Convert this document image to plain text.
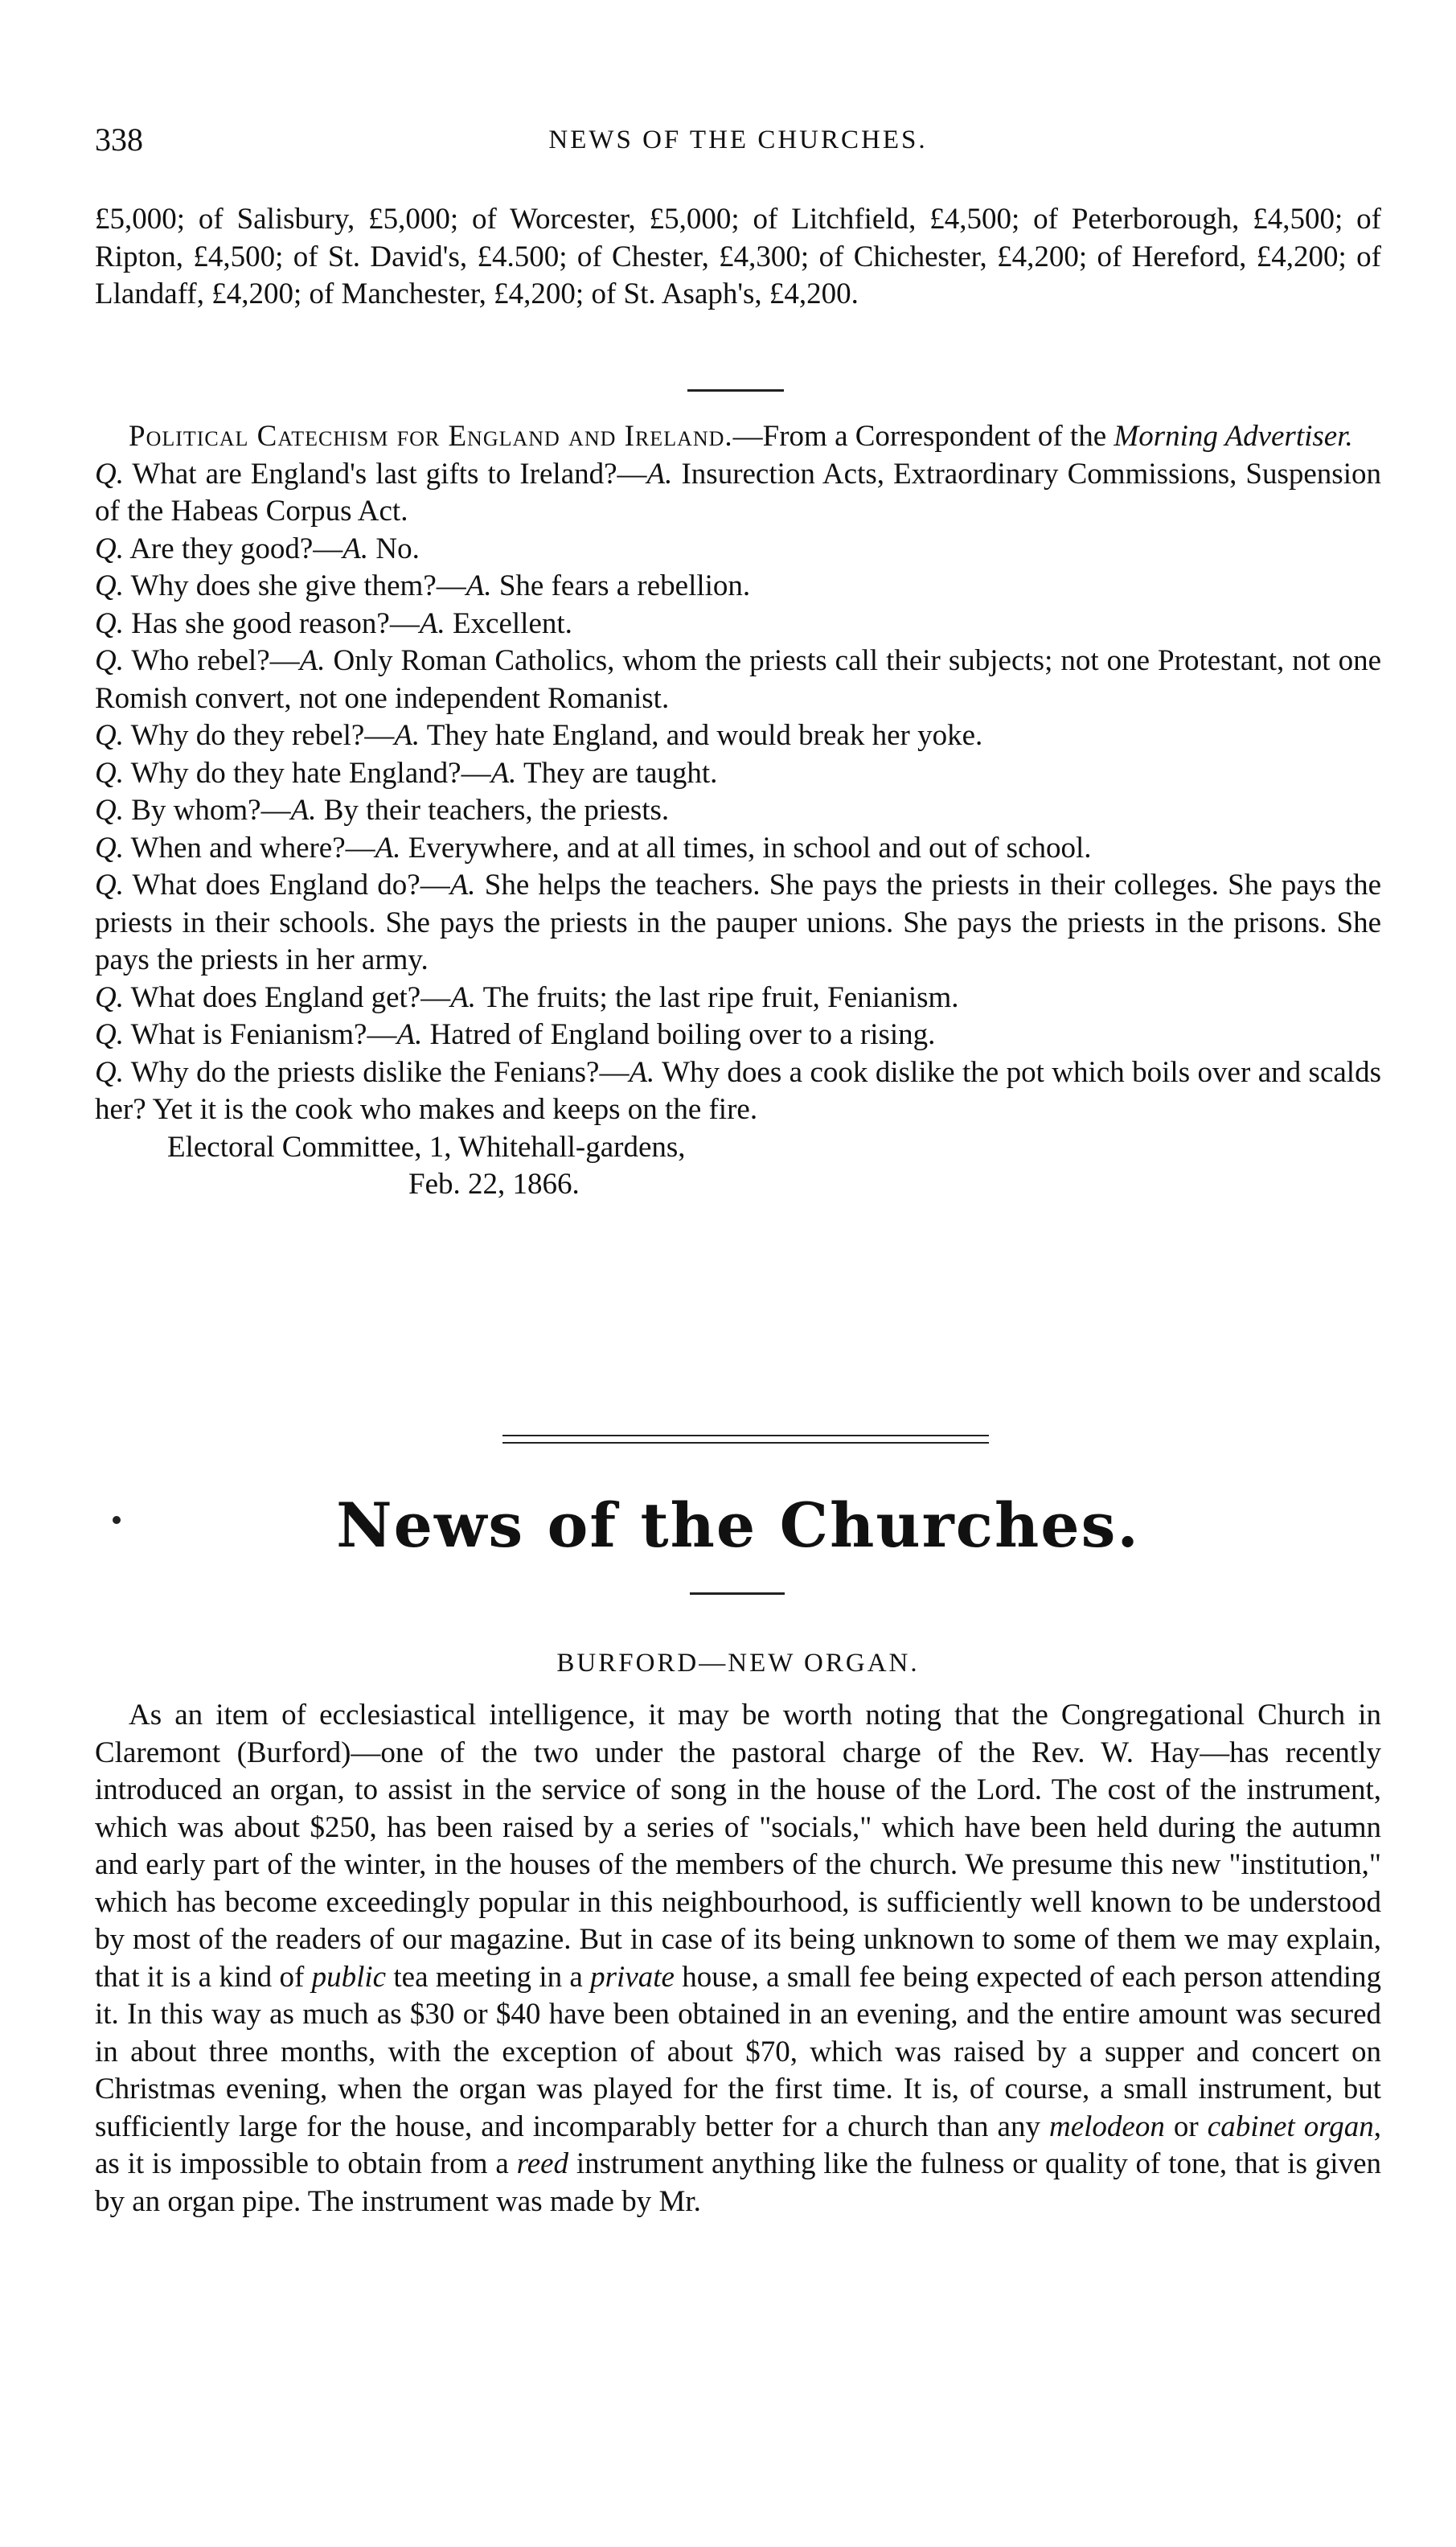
338	NEWS OF THE CHURCHES.

£5,000; of Salisbury, £5,000; of Worcester, £5,000; of Litchfield, £4,500; of Peterborough, £4,500; of Ripton, £4,500; of St. David's, £4.500; of Chester, £4,300; of Chichester, £4,200; of Hereford, £4,200; of Llandaff, £4,200; of Manchester, £4,200; of St. Asaph's, £4,200.

Political Catechism for England and Ireland.—From a Correspondent of the Morning Advertiser.

Q. What are England's last gifts to Ireland?—A. Insurection Acts, Extraordinary Commissions, Suspension of the Habeas Corpus Act.

Q. Are they good?—A. No.

Q. Why does she give them?—A. She fears a rebellion.

Q. Has she good reason?—A. Excellent.

Q. Who rebel?—A. Only Roman Catholics, whom the priests call their subjects; not one Protestant, not one Romish convert, not one independent Romanist.

Q. Why do they rebel?—A. They hate England, and would break her yoke.

Q. Why do they hate England?—A. They are taught.

Q. By whom?—A. By their teachers, the priests.

Q. When and where?—A. Everywhere, and at all times, in school and out of school.

Q. What does England do?—A. She helps the teachers. She pays the priests in their colleges. She pays the priests in their schools. She pays the priests in the pauper unions. She pays the priests in the prisons. She pays the priests in her army.

Q. What does England get?—A. The fruits; the last ripe fruit, Fenianism.

Q. What is Fenianism?—A. Hatred of England boiling over to a rising.

Q. Why do the priests dislike the Fenians?—A. Why does a cook dislike the pot which boils over and scalds her? Yet it is the cook who makes and keeps on the fire.

Electoral Committee, 1, Whitehall-gardens,

Feb. 22, 1866.

News of the Churches.
BURFORD—NEW ORGAN.

As an item of ecclesiastical intelligence, it may be worth noting that the Congregational Church in Claremont (Burford)—one of the two under the pastoral charge of the Rev. W. Hay—has recently introduced an organ, to assist in the service of song in the house of the Lord. The cost of the instrument, which was about $250, has been raised by a series of "socials," which have been held during the autumn and early part of the winter, in the houses of the members of the church. We presume this new "institution," which has become exceedingly popular in this neighbourhood, is sufficiently well known to be understood by most of the readers of our magazine. But in case of its being unknown to some of them we may explain, that it is a kind of public tea meeting in a private house, a small fee being expected of each person attending it. In this way as much as $30 or $40 have been obtained in an evening, and the entire amount was secured in about three months, with the exception of about $70, which was raised by a supper and concert on Christmas evening, when the organ was played for the first time. It is, of course, a small instrument, but sufficiently large for the house, and incomparably better for a church than any melodeon or cabinet organ, as it is impossible to obtain from a reed instrument anything like the fulness or quality of tone, that is given by an organ pipe. The instrument was made by Mr.
